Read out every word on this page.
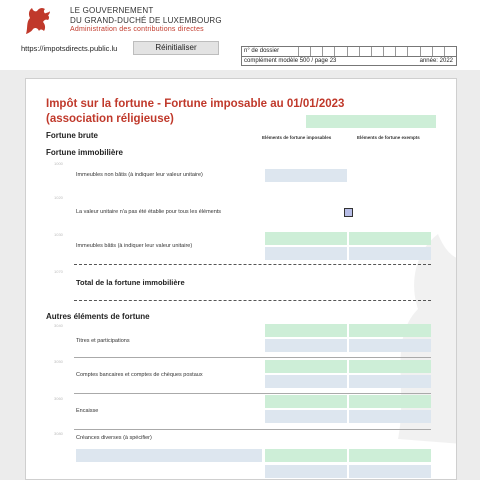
LE GOUVERNEMENT
DU GRAND-DUCHÉ DE LUXEMBOURG
Administration des contributions directes
https://impotsdirects.public.lu	Réinitialiser	n° de dossier
complément modèle 500 / page 23	année: 2022
Impôt sur la fortune - Fortune imposable au 01/01/2023
(association réligieuse)
Fortune brute	Eléments de fortune imposables	Eléments de fortune exempts
Fortune immobilière
1000
Immeubles non bâtis (à indiquer leur valeur unitaire)
1020
La valeur unitaire n'a pas été établie pour tous les éléments
1030
Immeubles bâtis (à indiquer leur valeur unitaire)
1070
Total de la fortune immobilière
Autres éléments de fortune
3040
Titres et participations
3050
Comptes bancaires et comptes de chèques postaux
3060
Encaisse
3080
Créances diverses (à spécifier)
